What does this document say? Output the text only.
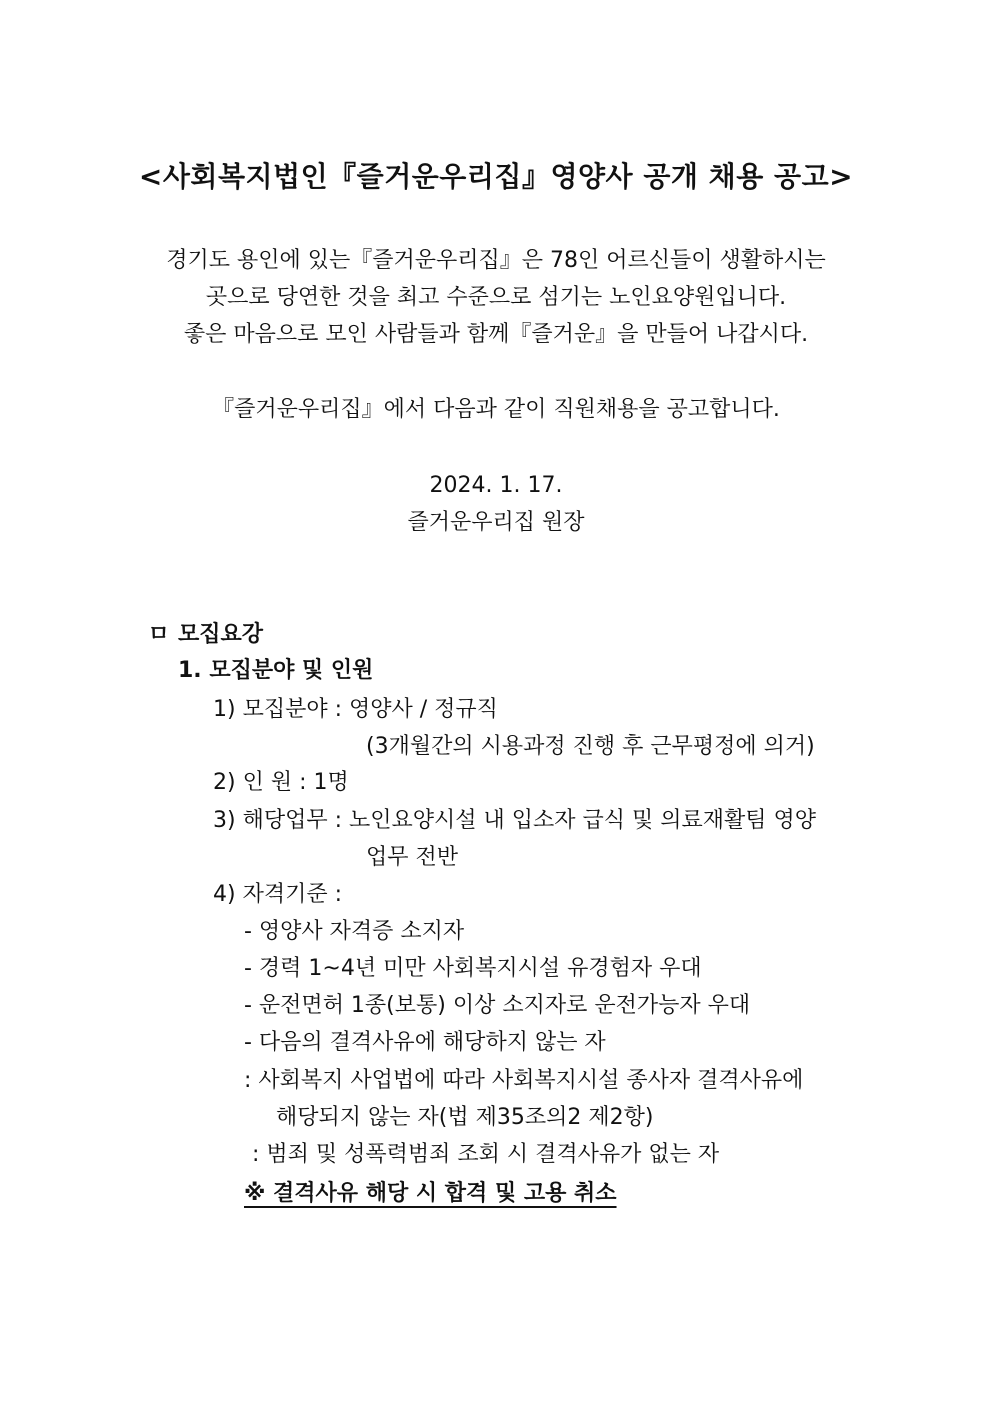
<사회복지법인『즐거운우리집』영양사 공개 채용 공고>
경기도 용인에 있는『즐거운우리집』은 78인 어르신들이 생활하시는
곳으로 당연한 것을 최고 수준으로 섬기는 노인요양원입니다.
좋은 마음으로 모인 사람들과 함께『즐거운』을 만들어 나갑시다.
『즐거운우리집』에서 다음과 같이 직원채용을 공고합니다.
2024. 1. 17.
즐거운우리집 원장
ㅁ 모집요강
1. 모집분야 및 인원
1) 모집분야 : 영양사 / 정규직
(3개월간의 시용과정 진행 후 근무평정에 의거)
2) 인 원 : 1명
3) 해당업무 : 노인요양시설 내 입소자 급식 및 의료재활팀 영양
업무 전반
4) 자격기준 :
- 영양사 자격증 소지자
- 경력 1~4년 미만 사회복지시설 유경험자 우대
- 운전면허 1종(보통) 이상 소지자로 운전가능자 우대
- 다음의 결격사유에 해당하지 않는 자
: 사회복지 사업법에 따라 사회복지시설 종사자 결격사유에
해당되지 않는 자(법 제35조의2 제2항)
: 범죄 및 성폭력범죄 조회 시 결격사유가 없는 자
※ 결격사유 해당 시 합격 및 고용 취소
